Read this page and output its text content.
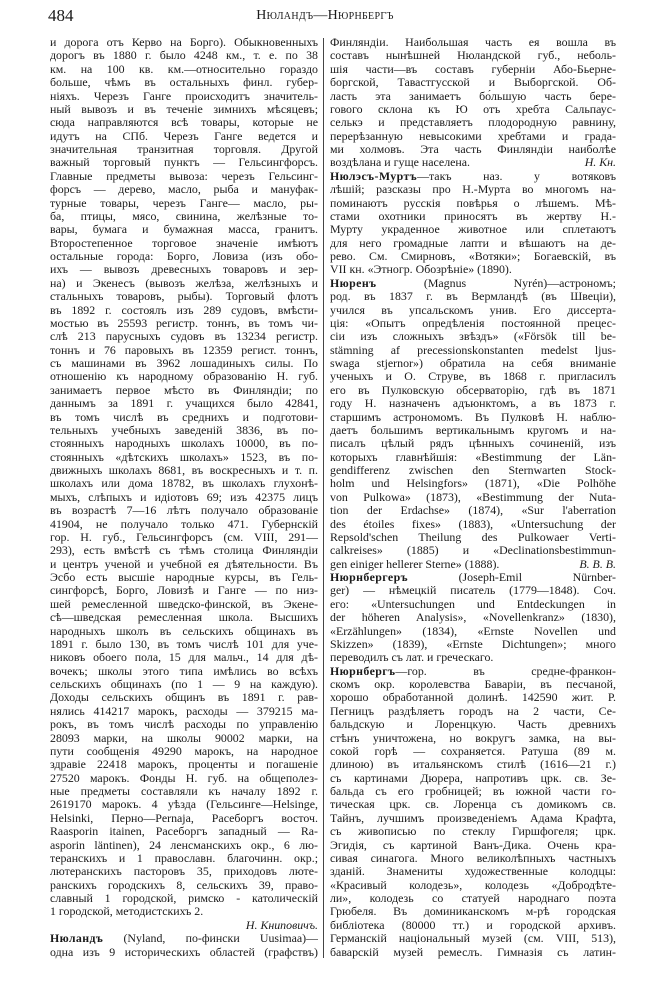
484	Нюландъ—Нюрнбергъ
и дорога отъ Керво на Борго). Обыкновенныхъ
дорогъ въ 1880 г. было 4248 км., т. е. по 38
км. на 100 кв. км.—относительно гораздо
больше, чѣмъ въ остальныхъ финл. губер-
ніяхъ. Черезъ Ганге происходитъ значитель-
ный вывозъ и въ теченіе зимнихъ мѣсяцевъ;
сюда направляются всѣ товары, которые не
идутъ на СПб. Черезъ Ганге ведется и
значительная транзитная торговля. Другой
важный торговый пунктъ — Гельсингфорсъ.
Главные предметы вывоза: черезъ Гельсинг-
форсъ — дерево, масло, рыба и мануфак-
турные товары, черезъ Ганге— масло, ры-
ба, птицы, мясо, свинина, желѣзные то-
вары, бумага и бумажная масса, гранитъ.
Второстепенное торговое значеніе имѣютъ
остальные города: Борго, Ловиза (изъ обо-
ихъ — вывозъ древесныхъ товаровъ и зер-
на) и Экенесъ (вывозъ желѣза, желѣзныхъ и
стальныхъ товаровъ, рыбы). Торговый флотъ
въ 1892 г. состоялъ изъ 289 судовъ, вмѣсти-
мостью въ 25593 регистр. тоннъ, въ томъ чи-
слѣ 213 парусныхъ судовъ въ 13234 регистр.
тоннъ и 76 паровыхъ въ 12359 регист. тоннъ,
съ машинами въ 3962 лошадиныхъ силы. По
отношенію къ народному образованію Н. губ.
занимаетъ первое мѣсто въ Финляндіи; по
даннымъ за 1891 г. учащихся было 42841,
въ томъ числѣ въ среднихъ и подготови-
тельныхъ учебныхъ заведеній 3836, въ по-
стоянныхъ народныхъ школахъ 10000, въ по-
стоянныхъ «дѣтскихъ школахъ» 1523, въ по-
движныхъ школахъ 8681, въ воскресныхъ и т. п.
школахъ или дома 18782, въ школахъ глухонѣ-
мыхъ, слѣпыхъ и идіотовъ 69; изъ 42375 лицъ
въ возрастѣ 7—16 лѣтъ получало образованіе
41904, не получало только 471. Губернскій
гор. Н. губ., Гельсингфорсъ (см. VIII, 291—
293), есть вмѣстѣ съ тѣмъ столица Финляндіи
и центръ ученой и учебной ея дѣятельности. Въ
Эсбо есть высшіе народные курсы, въ Гель-
сингфорсѣ, Борго, Ловизѣ и Ганге — по низ-
шей ремесленной шведско-финской, въ Экене-
сѣ—шведская ремесленная школа. Высшихъ
народныхъ школъ въ сельскихъ общинахъ въ
1891 г. было 130, въ томъ числѣ 101 для уче-
никовъ обоего пола, 15 для мальч., 14 для дѣ-
вочекъ; школы этого типа имѣлись во всѣхъ
сельскихъ общинахъ (по 1 — 9 на каждую).
Доходы сельскихъ общинъ въ 1891 г. рав-
нялись 414217 марокъ, расходы — 379215 ма-
рокъ, въ томъ числѣ расходы по управленію
28093 марки, на школы 90002 марки, на
пути сообщенія 49290 марокъ, на народное
здравіе 22418 марокъ, проценты и погашеніе
27520 марокъ. Фонды Н. губ. на общеполез-
ные предметы составляли къ началу 1892 г.
2619170 марокъ. 4 уѣзда (Гельсинге—Helsinge,
Helsinki, Перно—Pernaja, Расеборгъ восточ.
Raasporin itainen, Расеборгъ западный — Ra-
asporin läntinen), 24 ленсманскихъ окр., 6 лю-
теранскихъ и 1 православн. благочинн. окр.;
лютеранскихъ пасторовъ 35, приходовъ люте-
ранскихъ городскихъ 8, сельскихъ 39, право-
славный 1 городской, римско - католическій
1 городской, методистскихъ 2.
Н. Книповичъ.
Нюландъ (Nyland, по-фински Uusimaa)—
одна изъ 9 историческихъ областей (графствъ)
Финляндіи. Наибольшая часть ея вошла въ
составъ нынѣшней Нюландской губ., неболь-
шія части—въ составъ губерніи Або-Бьерне-
боргской, Тавастгусской и Выборгской. Об-
ласть эта занимаетъ бо́льшую часть бере-
гового склона къ Ю отъ хребта Сальпаус-
селькэ и представляетъ плодородную равнину,
перерѣзанную невысокими хребтами и града-
ми холмовъ. Эта часть Финляндіи наиболѣе
Н. Кн.
воздѣлана и гуще населена.
Нюлэсъ-Муртъ—такъ наз. у вотяковъ
лѣшій; разсказы про Н.-Мурта во многомъ на-
поминаютъ русскія повѣрья о лѣшемъ. Мѣ-
стами охотники приносятъ въ жертву Н.-
Мурту украденное животное или сплетаютъ
для него громадные лапти и вѣшаютъ на де-
рево. См. Смирновъ, «Вотяки»; Богаевскій, въ
VII кн. «Этногр. Обозрѣніе» (1890).
Нюренъ (Magnus Nyrén)—астрономъ;
род. въ 1837 г. въ Вермландѣ (въ Швеціи),
учился въ упсальскомъ унив. Его диссерта-
ція: «Опытъ опредѣленія постоянной прецес-
сіи изъ сложныхъ звѣздъ» («Försök till be-
stämning af precessionskonstanten medelst ljus-
swaga stjernor») обратила на себя вниманіе
ученыхъ и О. Струве, въ 1868 г. пригласилъ
его въ Пулковскую обсерваторію, гдѣ въ 1871
году Н. назначенъ адъюнктомъ, а въ 1873 г.
старшимъ астрономомъ. Въ Пулковѣ Н. наблю-
даетъ большимъ вертикальнымъ кругомъ и на-
писалъ цѣлый рядъ цѣнныхъ сочиненій, изъ
которыхъ главнѣйшія: «Bestimmung der Län-
gendifferenz zwischen den Sternwarten Stock-
holm und Helsingfors» (1871), «Die Polhöhe
von Pulkowa» (1873), «Bestimmung der Nuta-
tion der Erdachse» (1874), «Sur l'aberration
des étoiles fixes» (1883), «Untersuchung der
Repsold'schen Theilung des Pulkowaer Verti-
calkreises» (1885) и «Declinationsbestimmun-
В. В. В.
gen einiger hellerer Sterne» (1888).
Нюрнбергеръ (Joseph-Emil Nürnber-
ger) — нѣмецкій писатель (1779—1848). Соч.
его: «Untersuchungen und Entdeckungen in
der höheren Analysis», «Novellenkranz» (1830),
«Erzählungen» (1834), «Ernste Novellen und
Skizzen» (1839), «Ernste Dichtungen»; много
переводилъ съ лат. и греческаго.
Нюрнбергъ—гор. въ средне-франкон-
скомъ окр. королевства Баваріи, въ песчаной,
хорошо обработанной долинѣ. 142590 жит. Р.
Пегницъ раздѣляетъ городъ на 2 части, Се-
бальдскую и Лоренцкую. Часть древнихъ
стѣнъ уничтожена, но вокругъ замка, на вы-
сокой горѣ — сохраняется. Ратуша (89 м.
длиною) въ итальянскомъ стилѣ (1616—21 г.)
съ картинами Дюрера, напротивъ црк. св. Зе-
бальда съ его гробницей; въ южной части го-
тическая црк. св. Лоренца съ домикомъ св.
Тайнъ, лучшимъ произведеніемъ Адама Крафта,
съ живописью по стеклу Гиршфогеля; црк.
Эгидія, съ картиной Ванъ-Дика. Очень кра-
сивая синагога. Много великолѣпныхъ частныхъ
зданій. Знамениты художественные колодцы:
«Красивый колодезь», колодезь «Добродѣте-
ли», колодезь со статуей народнаго поэта
Грюбеля. Въ доминиканскомъ м-рѣ городская
библіотека (80000 тт.) и городской архивъ.
Германскій національный музей (см. VIII, 513),
баварскій музей ремеслъ. Гимназія съ латин-
